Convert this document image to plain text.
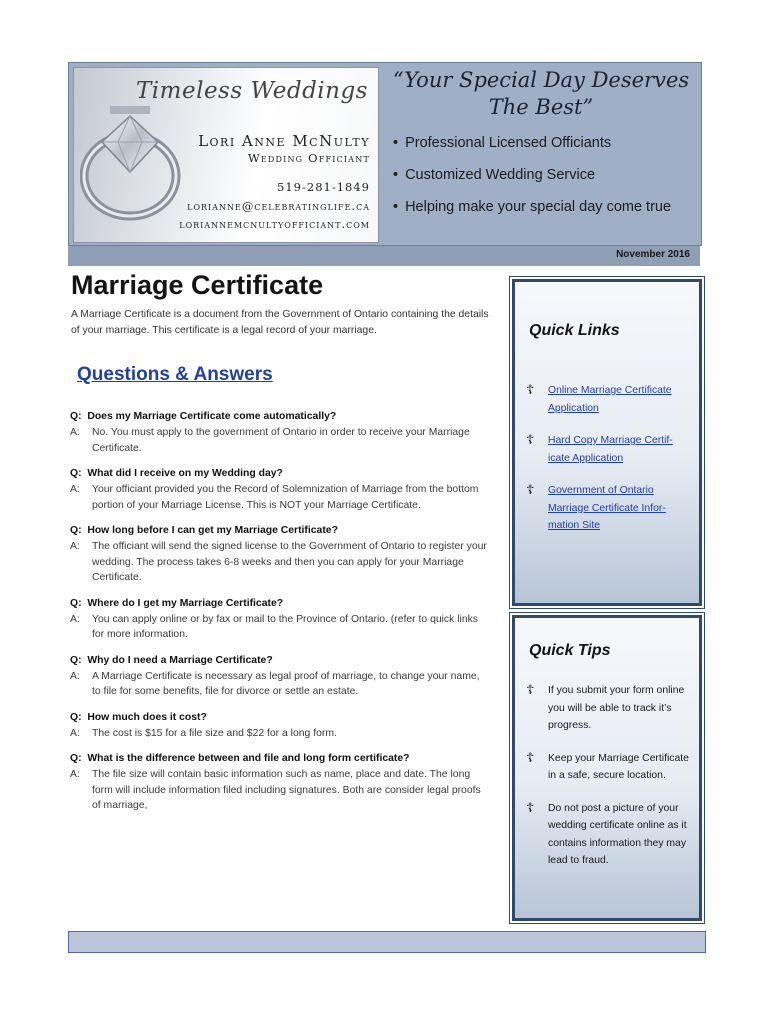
Timeless Weddings
Lori Anne McNulty
Wedding Officiant
519-281-1849
lorianne@celebratinglife.ca
loriannemcnultyofficiant.com
“Your Special Day Deserves The Best”
• Professional Licensed Officiants
• Customized Wedding Service
• Helping make your special day come true
November 2016
Marriage Certificate

A Marriage Certificate is a document from the Government of Ontario containing the details of your marriage. This certificate is a legal record of your marriage.

Questions & Answers
Q: Does my Marriage Certificate come automatically?
A:	No. You must apply to the government of Ontario in order to receive your Marriage Certificate.
Q: What did I receive on my Wedding day?
A:	Your officiant provided you the Record of Solemnization of Marriage from the bottom portion of your Marriage License. This is NOT your Marriage Certificate.
Q: How long before I can get my Marriage Certificate?
A:	The officiant will send the signed license to the Government of Ontario to register your wedding. The process takes 6-8 weeks and then you can apply for your Marriage Certificate.
Q: Where do I get my Marriage Certificate?
A:	You can apply online or by fax or mail to the Province of Ontario. (refer to quick links for more information.
Q: Why do I need a Marriage Certificate?
A:	A Marriage Certificate is necessary as legal proof of marriage, to change your name, to file for some benefits, file for divorce or settle an estate.
Q: How much does it cost?
A:	The cost is $15 for a file size and $22 for a long form.
Q: What is the difference between and file and long form certificate?
A:	The file size will contain basic information such as name, place and date. The long form will include information filed including signatures. Both are consider legal proofs of marriage,
Quick Links
☦	Online Marriage Certificate Application
☦	Hard Copy Marriage Certif-icate Application
☦	Government of Ontario Marriage Certificate Infor-mation Site
Quick Tips
☦	If you submit your form online you will be able to track it’s progress.
☦	Keep your Marriage Certificate in a safe, secure location.
☦	Do not post a picture of your wedding certificate online as it contains information they may lead to fraud.
